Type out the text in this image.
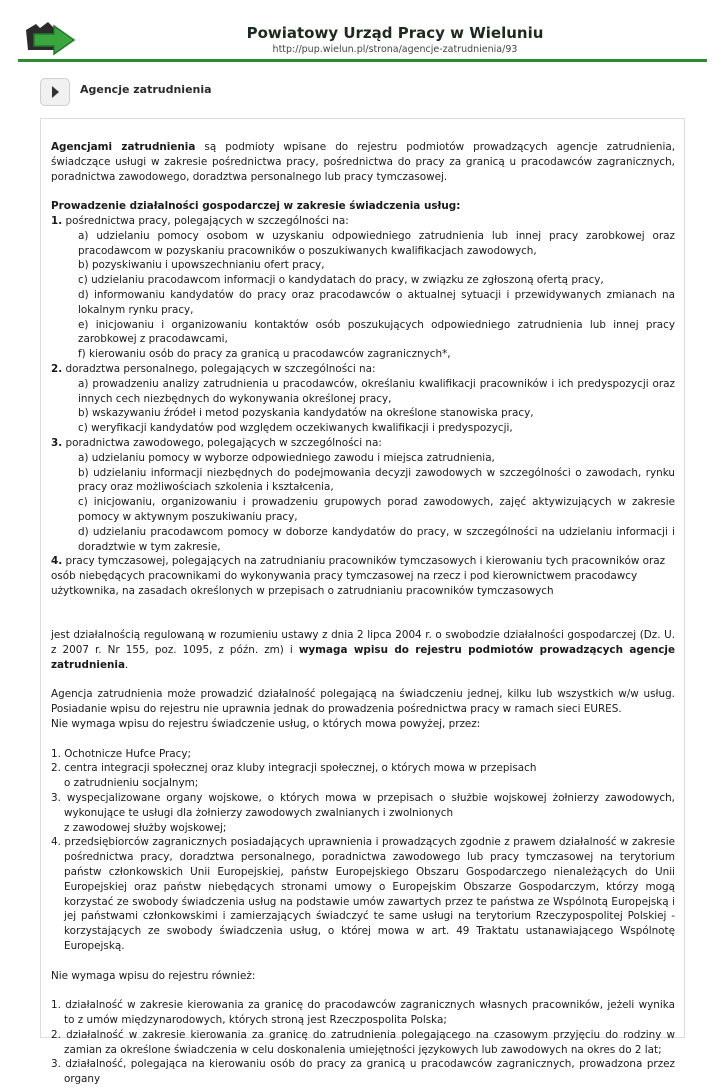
Powiatowy Urząd Pracy w Wieluniu
http://pup.wielun.pl/strona/agencje-zatrudnienia/93
Agencje zatrudnienia

Agencjami zatrudnienia są podmioty wpisane do rejestru podmiotów prowadzących agencje zatrudnienia, świadczące usługi w zakresie pośrednictwa pracy, pośrednictwa do pracy za granicą u pracodawców zagranicznych, poradnictwa zawodowego, doradztwa personalnego lub pracy tymczasowej.

Prowadzenie działalności gospodarczej w zakresie świadczenia usług:

1. pośrednictwa pracy, polegających w szczególności na:

a) udzielaniu pomocy osobom w uzyskaniu odpowiedniego zatrudnienia lub innej pracy zarobkowej oraz pracodawcom w pozyskaniu pracowników o poszukiwanych kwalifikacjach zawodowych,

b) pozyskiwaniu i upowszechnianiu ofert pracy,

c) udzielaniu pracodawcom informacji o kandydatach do pracy, w związku ze zgłoszoną ofertą pracy,

d) informowaniu kandydatów do pracy oraz pracodawców o aktualnej sytuacji i przewidywanych zmianach na lokalnym rynku pracy,

e) inicjowaniu i organizowaniu kontaktów osób poszukujących odpowiedniego zatrudnienia lub innej pracy zarobkowej z pracodawcami,

f) kierowaniu osób do pracy za granicą u pracodawców zagranicznych*,

2. doradztwa personalnego, polegających w szczególności na:

a) prowadzeniu analizy zatrudnienia u pracodawców, określaniu kwalifikacji pracowników i ich predyspozycji oraz innych cech niezbędnych do wykonywania określonej pracy,

b) wskazywaniu źródeł i metod pozyskania kandydatów na określone stanowiska pracy,

c) weryfikacji kandydatów pod względem oczekiwanych kwalifikacji i predyspozycji,

3. poradnictwa zawodowego, polegających w szczególności na:

a) udzielaniu pomocy w wyborze odpowiedniego zawodu i miejsca zatrudnienia,

b) udzielaniu informacji niezbędnych do podejmowania decyzji zawodowych w szczególności o zawodach, rynku pracy oraz możliwościach szkolenia i kształcenia,

c) inicjowaniu, organizowaniu i prowadzeniu grupowych porad zawodowych, zajęć aktywizujących w zakresie pomocy w aktywnym poszukiwaniu pracy,

d) udzielaniu pracodawcom pomocy w doborze kandydatów do pracy, w szczególności na udzielaniu informacji i doradztwie w tym zakresie,

4. pracy tymczasowej, polegających na zatrudnianiu pracowników tymczasowych i kierowaniu tych pracowników oraz osób niebędących pracownikami do wykonywania pracy tymczasowej na rzecz i pod kierownictwem pracodawcy użytkownika, na zasadach określonych w przepisach o zatrudnianiu pracowników tymczasowych

jest działalnością regulowaną w rozumieniu ustawy z dnia 2 lipca 2004 r. o swobodzie działalności gospodarczej (Dz. U. z 2007 r. Nr 155, poz. 1095, z późn. zm) i wymaga wpisu do rejestru podmiotów prowadzących agencje zatrudnienia.

Agencja zatrudnienia może prowadzić działalność polegającą na świadczeniu jednej, kilku lub wszystkich w/w usług. Posiadanie wpisu do rejestru nie uprawnia jednak do prowadzenia pośrednictwa pracy w ramach sieci EURES.

Nie wymaga wpisu do rejestru świadczenie usług, o których mowa powyżej, przez:

1. Ochotnicze Hufce Pracy;
2. centra integracji społecznej oraz kluby integracji społecznej, o których mowa w przepisach
o zatrudnieniu socjalnym;
3. wyspecjalizowane organy wojskowe, o których mowa w przepisach o służbie wojskowej żołnierzy zawodowych, wykonujące te usługi dla żołnierzy zawodowych zwalnianych i zwolnionych
z zawodowej służby wojskowej;
4. przedsiębiorców zagranicznych posiadających uprawnienia i prowadzących zgodnie z prawem działalność w zakresie pośrednictwa pracy, doradztwa personalnego, poradnictwa zawodowego lub pracy tymczasowej na terytorium państw członkowskich Unii Europejskiej, państw Europejskiego Obszaru Gospodarczego nienależących do Unii Europejskiej oraz państw niebędących stronami umowy o Europejskim Obszarze Gospodarczym, którzy mogą korzystać ze swobody świadczenia usług na podstawie umów zawartych przez te państwa ze Wspólnotą Europejską i jej państwami członkowskimi i zamierzających świadczyć te same usługi na terytorium Rzeczypospolitej Polskiej - korzystających ze swobody świadczenia usług, o której mowa w art. 49 Traktatu ustanawiającego Wspólnotę Europejską.

Nie wymaga wpisu do rejestru również:

1. działalność w zakresie kierowania za granicę do pracodawców zagranicznych własnych pracowników, jeżeli wynika to z umów międzynarodowych, których stroną jest Rzeczpospolita Polska;
2. działalność w zakresie kierowania za granicę do zatrudnienia polegającego na czasowym przyjęciu do rodziny w zamian za określone świadczenia w celu doskonalenia umiejętności językowych lub zawodowych na okres do 2 lat;
3. działalność, polegająca na kierowaniu osób do pracy za granicą u pracodawców zagranicznych, prowadzona przez organy
